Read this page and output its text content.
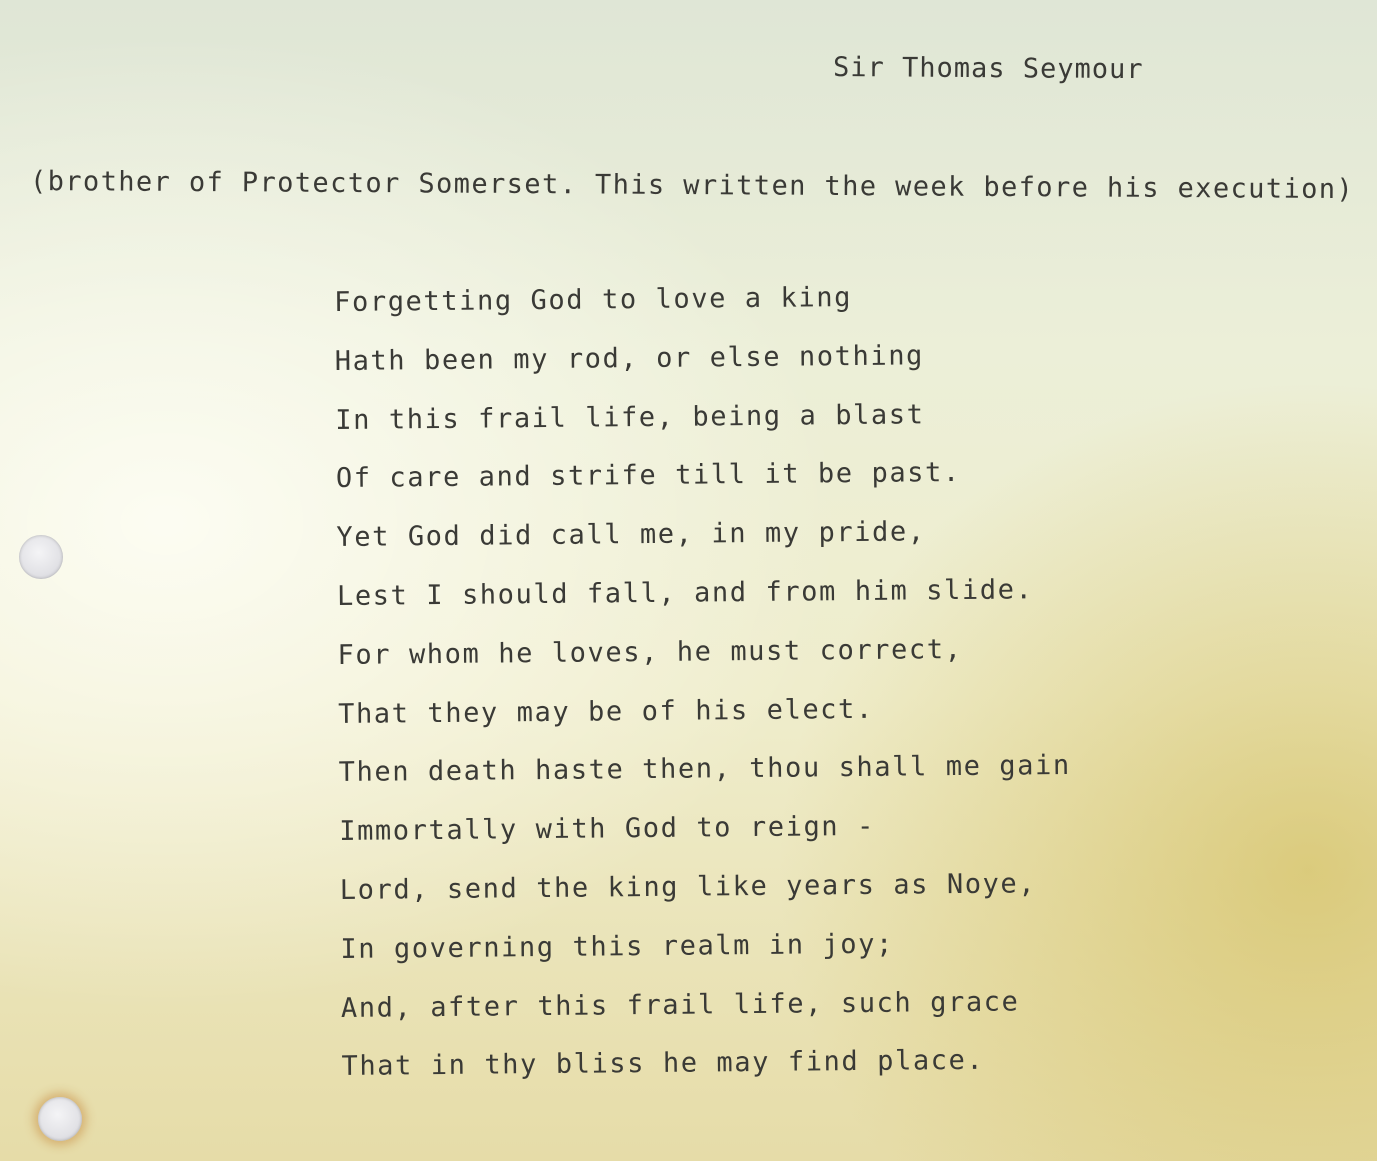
Sir Thomas Seymour
(brother of Protector Somerset. This written the week before his execution)
Forgetting God to love a king
Hath been my rod, or else nothing
In this frail life, being a blast
Of care and strife till it be past.
Yet God did call me, in my pride,
Lest I should fall, and from him slide.
For whom he loves, he must correct,
That they may be of his elect.
Then death haste then, thou shall me gain
Immortally with God to reign -
Lord, send the king like years as Noye,
In governing this realm in joy;
And, after this frail life, such grace
That in thy bliss he may find place.
